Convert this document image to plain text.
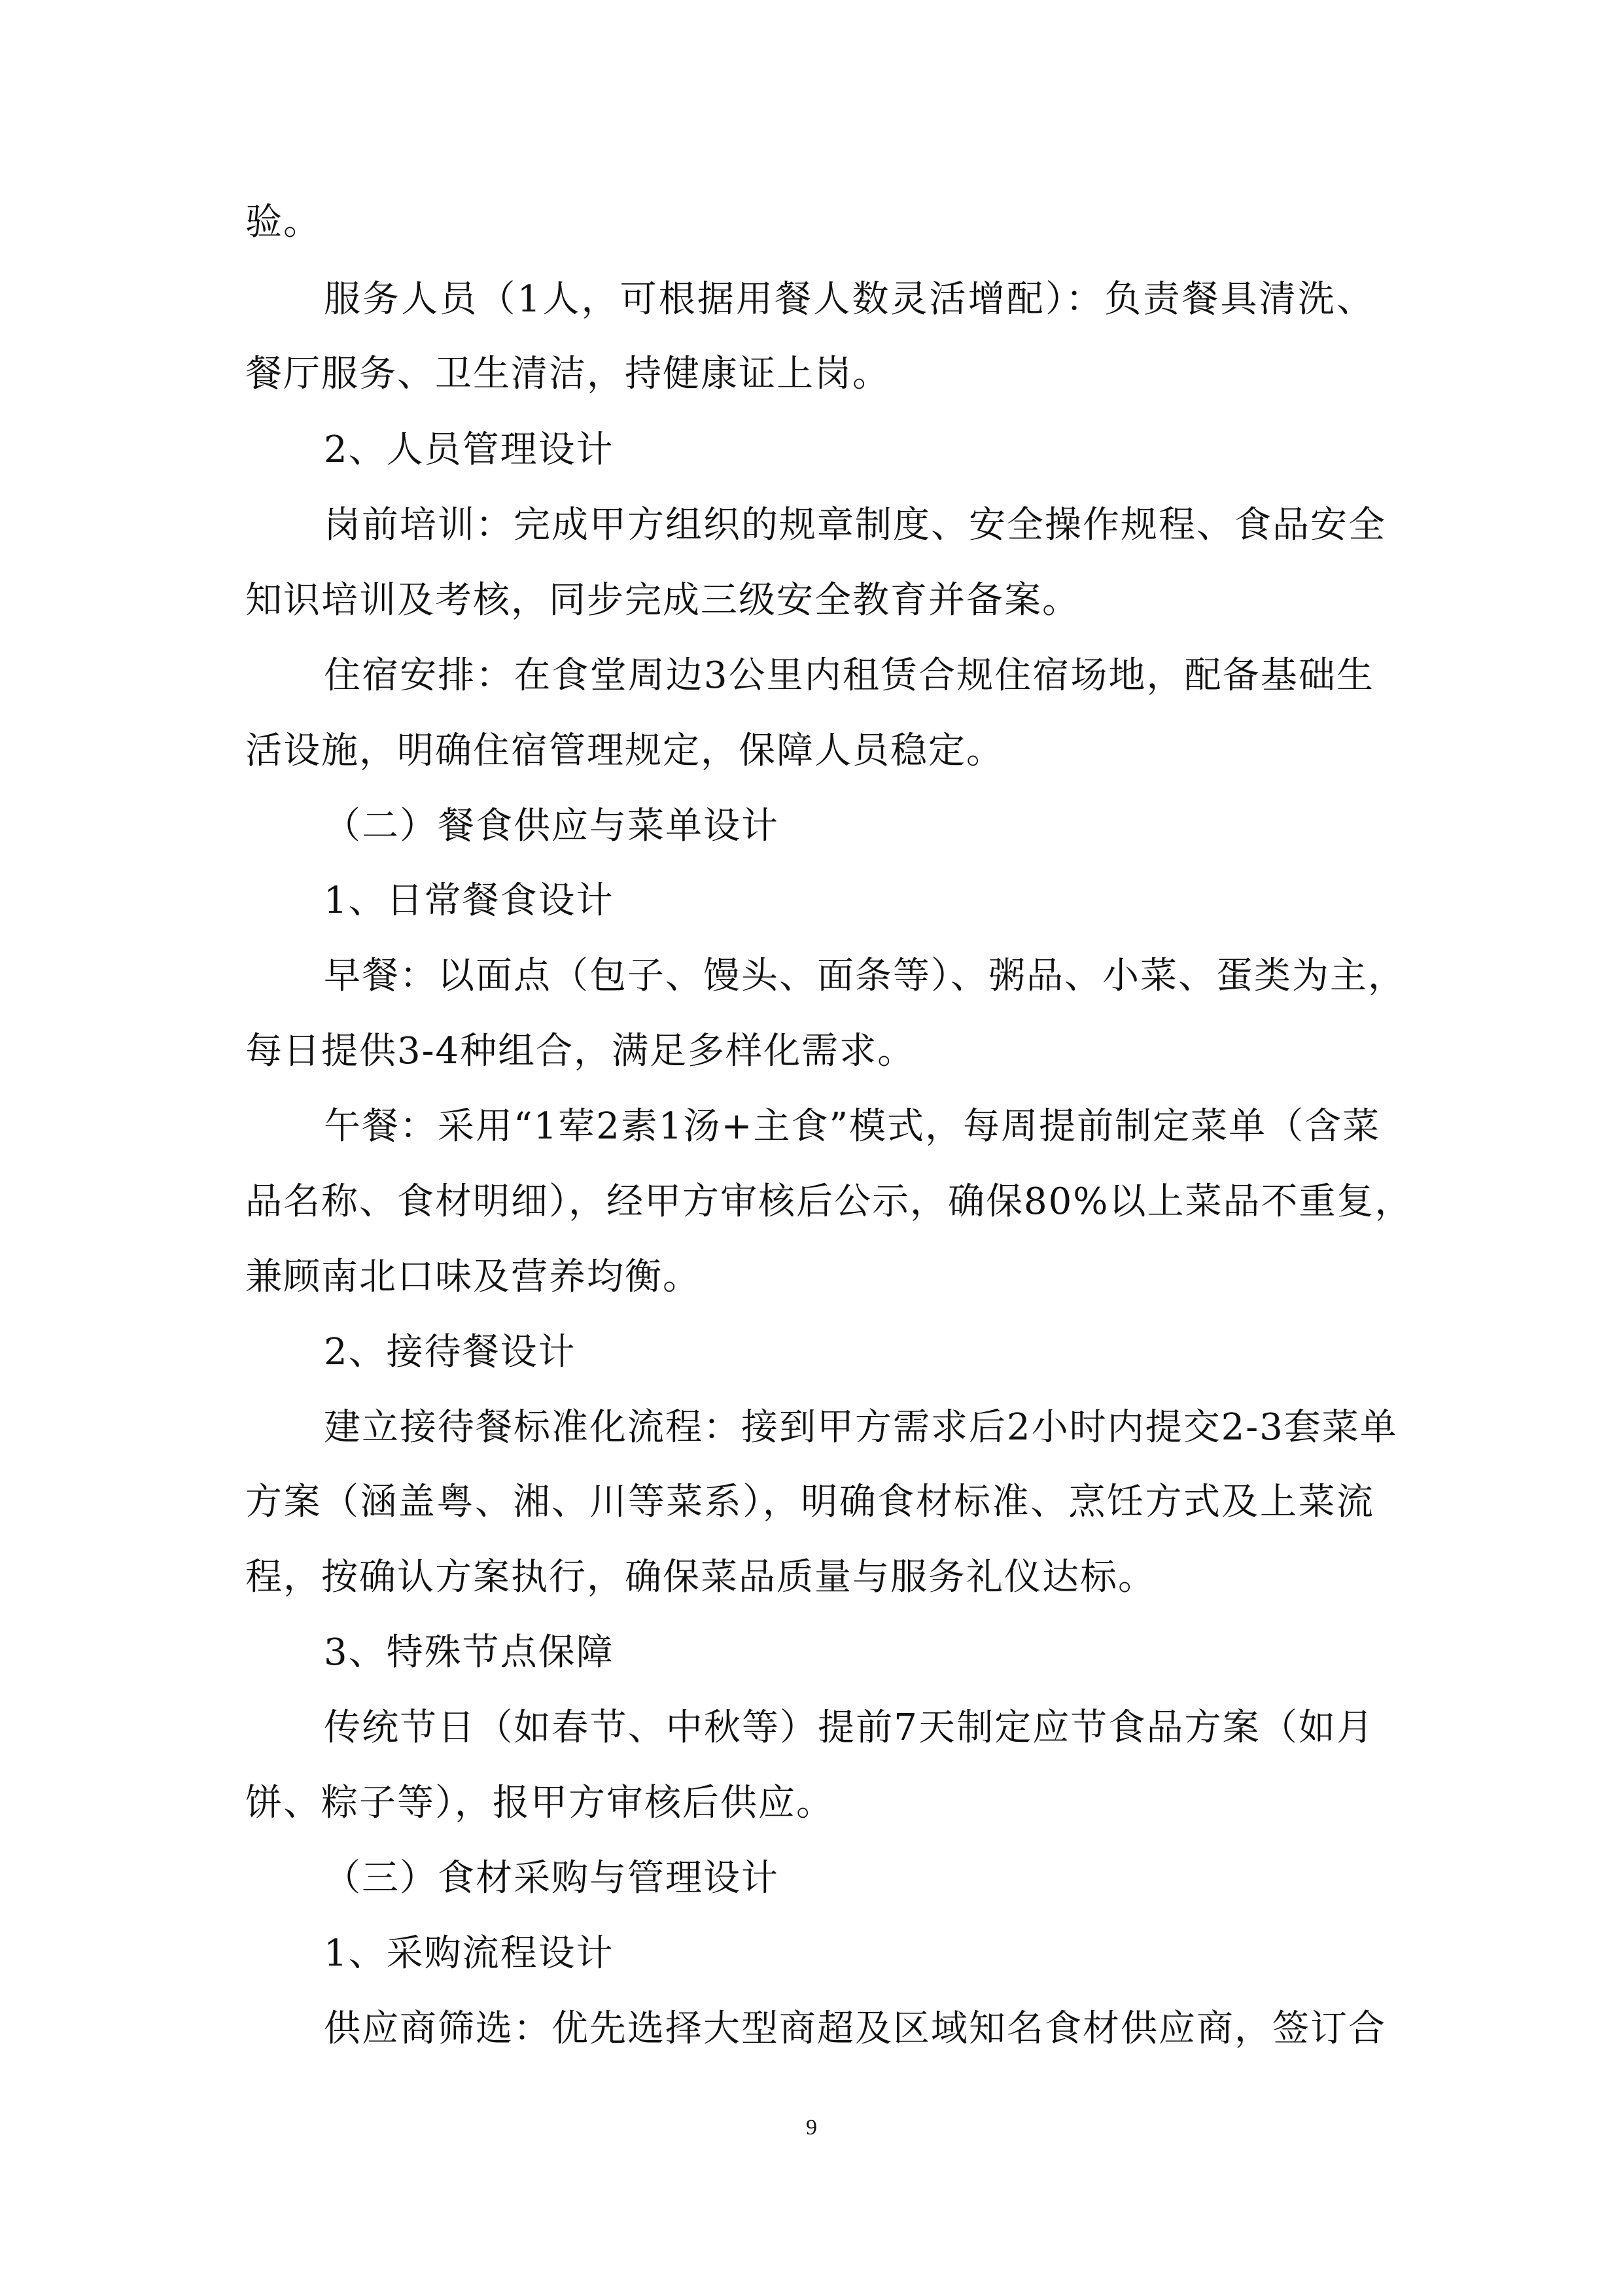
验。
服务人员（1人，可根据用餐人数灵活增配）：负责餐具清洗、
餐厅服务、卫生清洁，持健康证上岗。
2、人员管理设计
岗前培训：完成甲方组织的规章制度、安全操作规程、食品安全
知识培训及考核，同步完成三级安全教育并备案。
住宿安排：在食堂周边3公里内租赁合规住宿场地，配备基础生
活设施，明确住宿管理规定，保障人员稳定。
（二）餐食供应与菜单设计
1、日常餐食设计
早餐：以面点（包子、馒头、面条等）、粥品、小菜、蛋类为主，
每日提供3-4种组合，满足多样化需求。
午餐：采用“1荤2素1汤+主食”模式，每周提前制定菜单（含菜
品名称、食材明细），经甲方审核后公示，确保80%以上菜品不重复，
兼顾南北口味及营养均衡。
2、接待餐设计
建立接待餐标准化流程：接到甲方需求后2小时内提交2-3套菜单
方案（涵盖粤、湘、川等菜系），明确食材标准、烹饪方式及上菜流
程，按确认方案执行，确保菜品质量与服务礼仪达标。
3、特殊节点保障
传统节日（如春节、中秋等）提前7天制定应节食品方案（如月
饼、粽子等），报甲方审核后供应。
（三）食材采购与管理设计
1、采购流程设计
供应商筛选：优先选择大型商超及区域知名食材供应商，签订合
9
